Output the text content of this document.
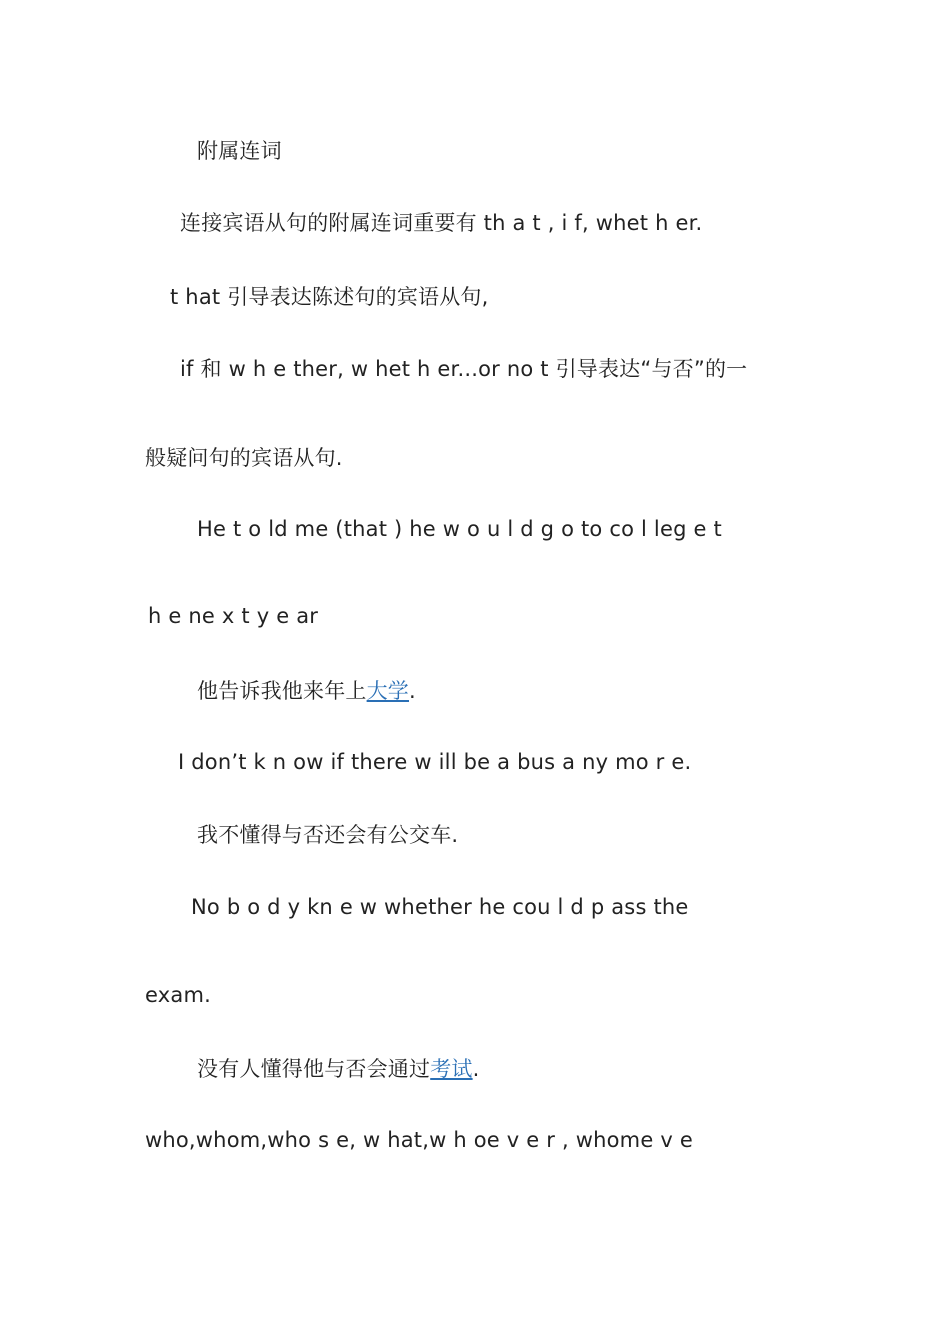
附属连词
连接宾语从句的附属连词重要有 th a t , i f, whet h er.
t hat 引导表达陈述句的宾语从句,
if 和 w h e ther, w het h er...or no t 引导表达“与否”的一
般疑问句的宾语从句.
He t o ld me (that ) he w o u l d g o to co l leg e t
h e ne x t y e ar
他告诉我他来年上大学.
I don’t k n ow if there w ill be a bus a ny mo r e.
我不懂得与否还会有公交车.
No b o d y kn e w whether he cou l d p ass the
exam.
没有人懂得他与否会通过考试.
who,whom,who s e, w hat,w h oe v e r , whome v e
